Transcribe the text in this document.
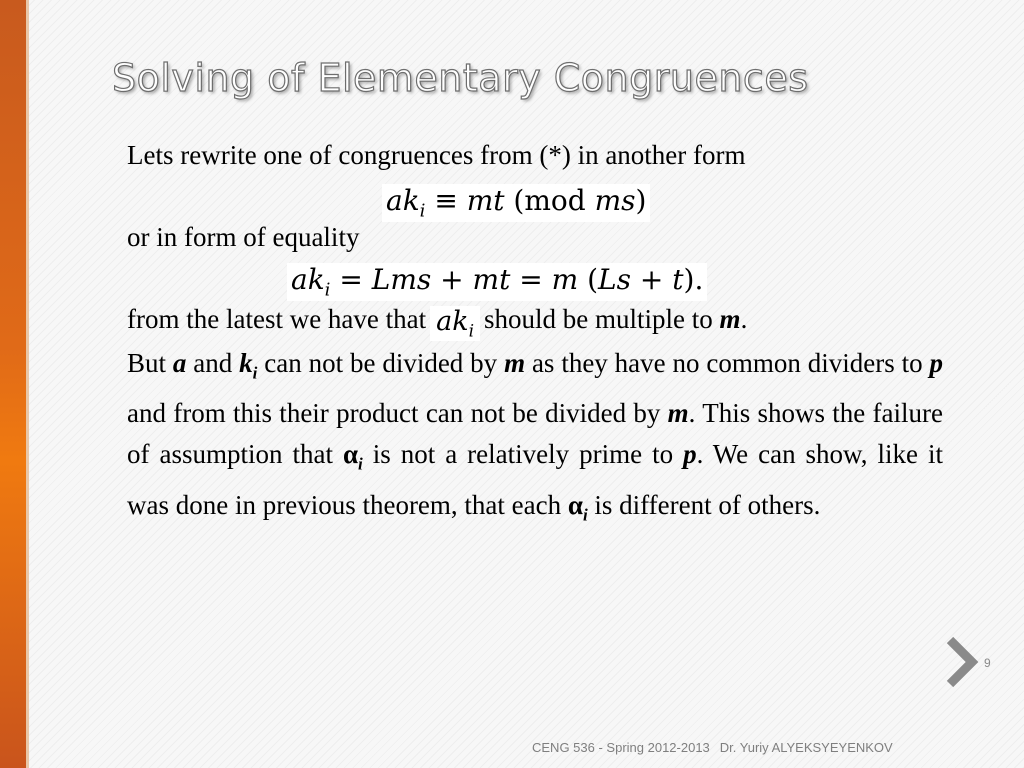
Solving of Elementary Congruences
Lets rewrite one of congruences from (*) in another form
$ak_i$ ≡ mt (mod ms)
or in form of equality
$ak_i$ = Lms + mt = m (Ls + t).
from the latest we have that $ak_i$ should be multiple to m.
But a and $k_i$ can not be divided by m as they have no common dividers to p and from this their product can not be divided by m. This shows the failure of assumption that $\alpha_i$ is not a relatively prime to p. We can show, like it was done in previous theorem, that each $\alpha_i$ is different of others.
9
CENG 536 - Spring 2012-2013 Dr. Yuriy ALYEKSYEYENKOV
